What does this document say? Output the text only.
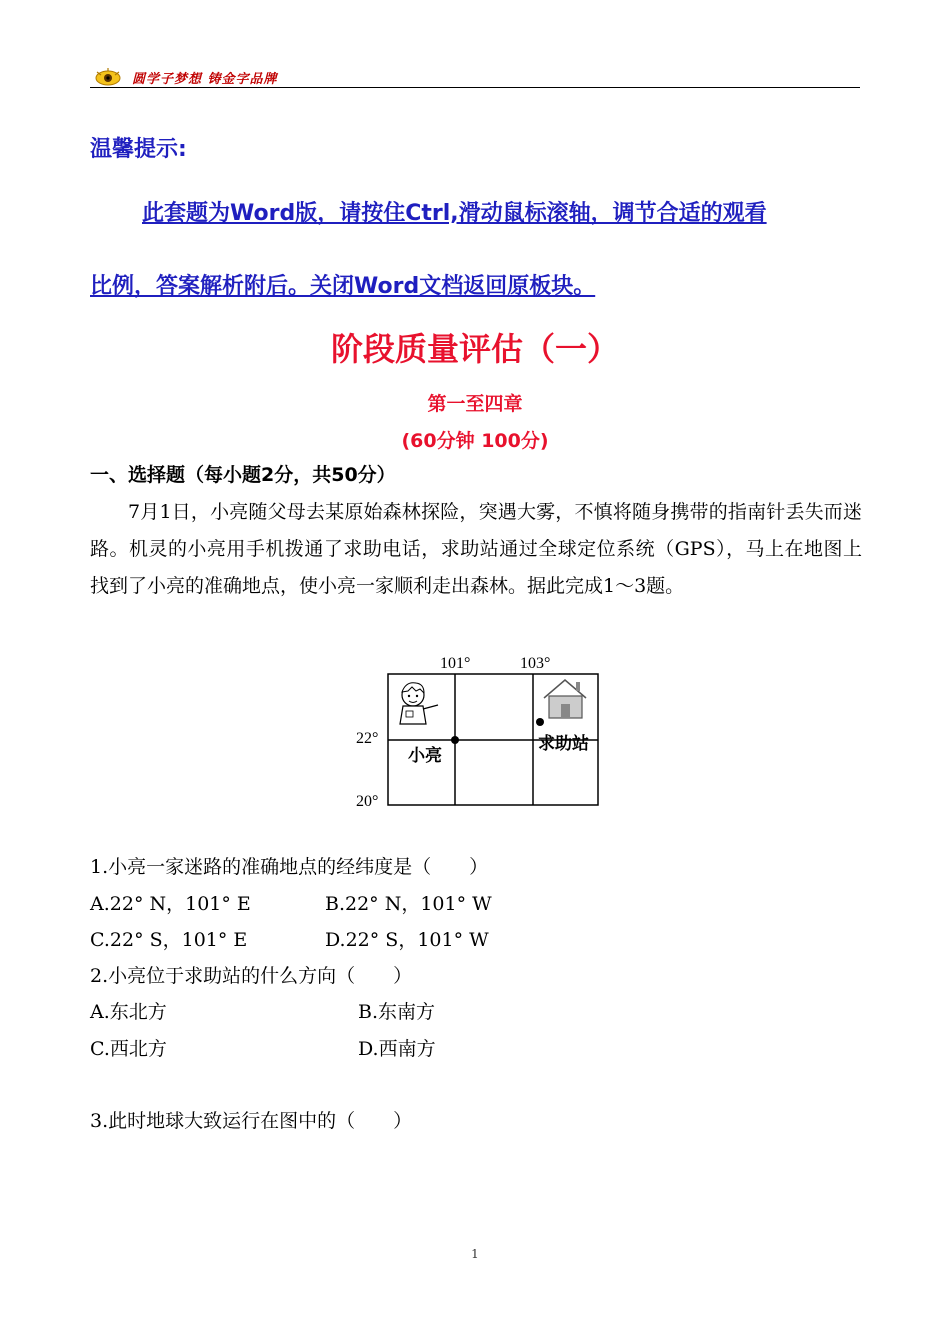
圆学子梦想 铸金字品牌
温馨提示:
此套题为Word版，请按住Ctrl,滑动鼠标滚轴，调节合适的观看
比例，答案解析附后。关闭Word文档返回原板块。
阶段质量评估（一）
第一至四章
(60分钟 100分)
一、选择题（每小题2分，共50分）
7月1日，小亮随父母去某原始森林探险，突遇大雾，不慎将随身携带的指南针丢失而迷路。机灵的小亮用手机拨通了求助电话，求助站通过全球定位系统（GPS），马上在地图上找到了小亮的准确地点，使小亮一家顺利走出森林。据此完成1～3题。
101°	103°
22°
20°
小亮
求助站
1.小亮一家迷路的准确地点的经纬度是（　　）
A.22° N，101° E	B.22° N，101° W
C.22° S，101° E	D.22° S，101° W
2.小亮位于求助站的什么方向（　　）
A.东北方	B.东南方
C.西北方	D.西南方
3.此时地球大致运行在图中的（　　）
1
